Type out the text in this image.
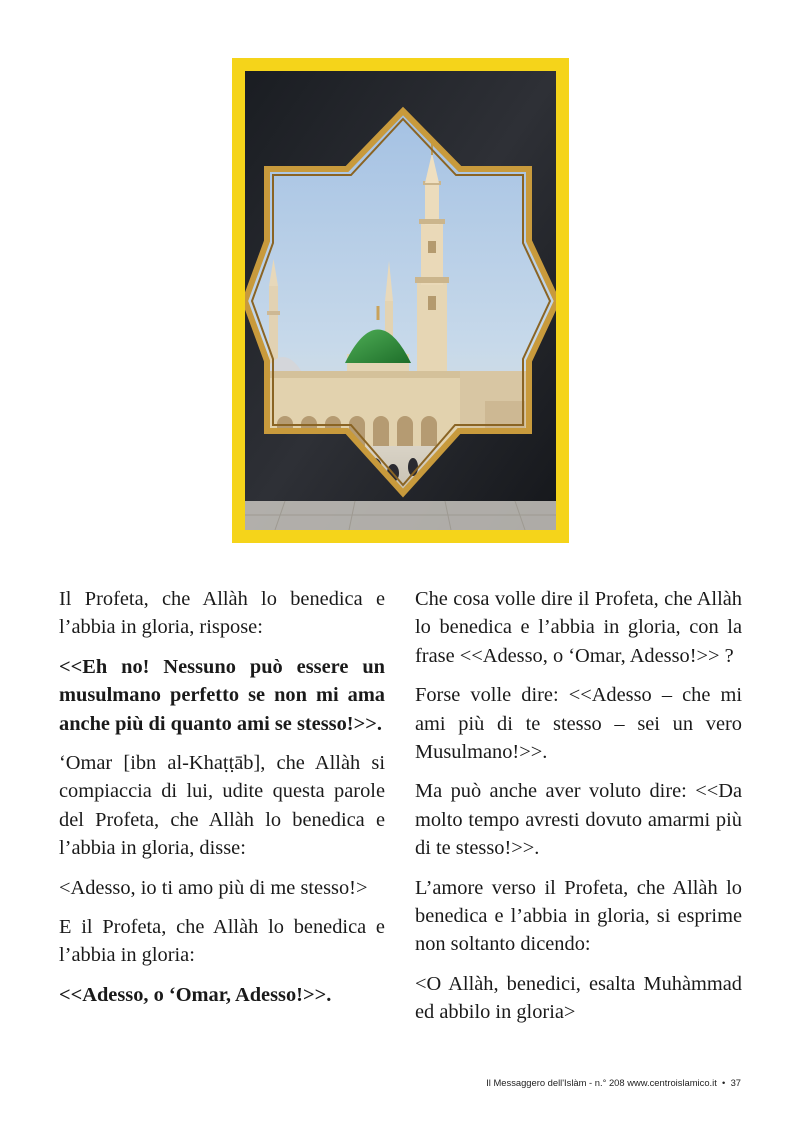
Il Profeta, che Allàh lo benedica e l’abbia in gloria, rispose:

<<Eh no! Nessuno può essere un musulmano perfetto se non mi ama anche più di quanto ami se stesso!>>.

‘Omar [ibn al-Khaṭṭāb], che Allàh si compiaccia di lui, udite questa parole del Profeta, che Allàh lo benedica e l’abbia in gloria, disse:

<Adesso, io ti amo più di me stesso!>

E il Profeta, che Allàh lo benedica e l’abbia in gloria:

<<Adesso, o ‘Omar, Adesso!>>.

Che cosa volle dire il Profeta, che Allàh lo benedica e l’abbia in gloria, con la frase <<Adesso, o ‘Omar, Adesso!>> ?

Forse volle dire: <<Adesso – che mi ami più di te stesso – sei un vero Musulmano!>>.

Ma può anche aver voluto dire: <<Da molto tempo avresti dovuto amarmi più di te stesso!>>.

L’amore verso il Profeta, che Allàh lo benedica e l’abbia in gloria, si esprime non soltanto dicendo:

<O Allàh, benedici, esalta Muhàmmad ed abbilo in gloria>

Il Messaggero dell'Islàm - n.° 208 www.centroislamico.it • 37
